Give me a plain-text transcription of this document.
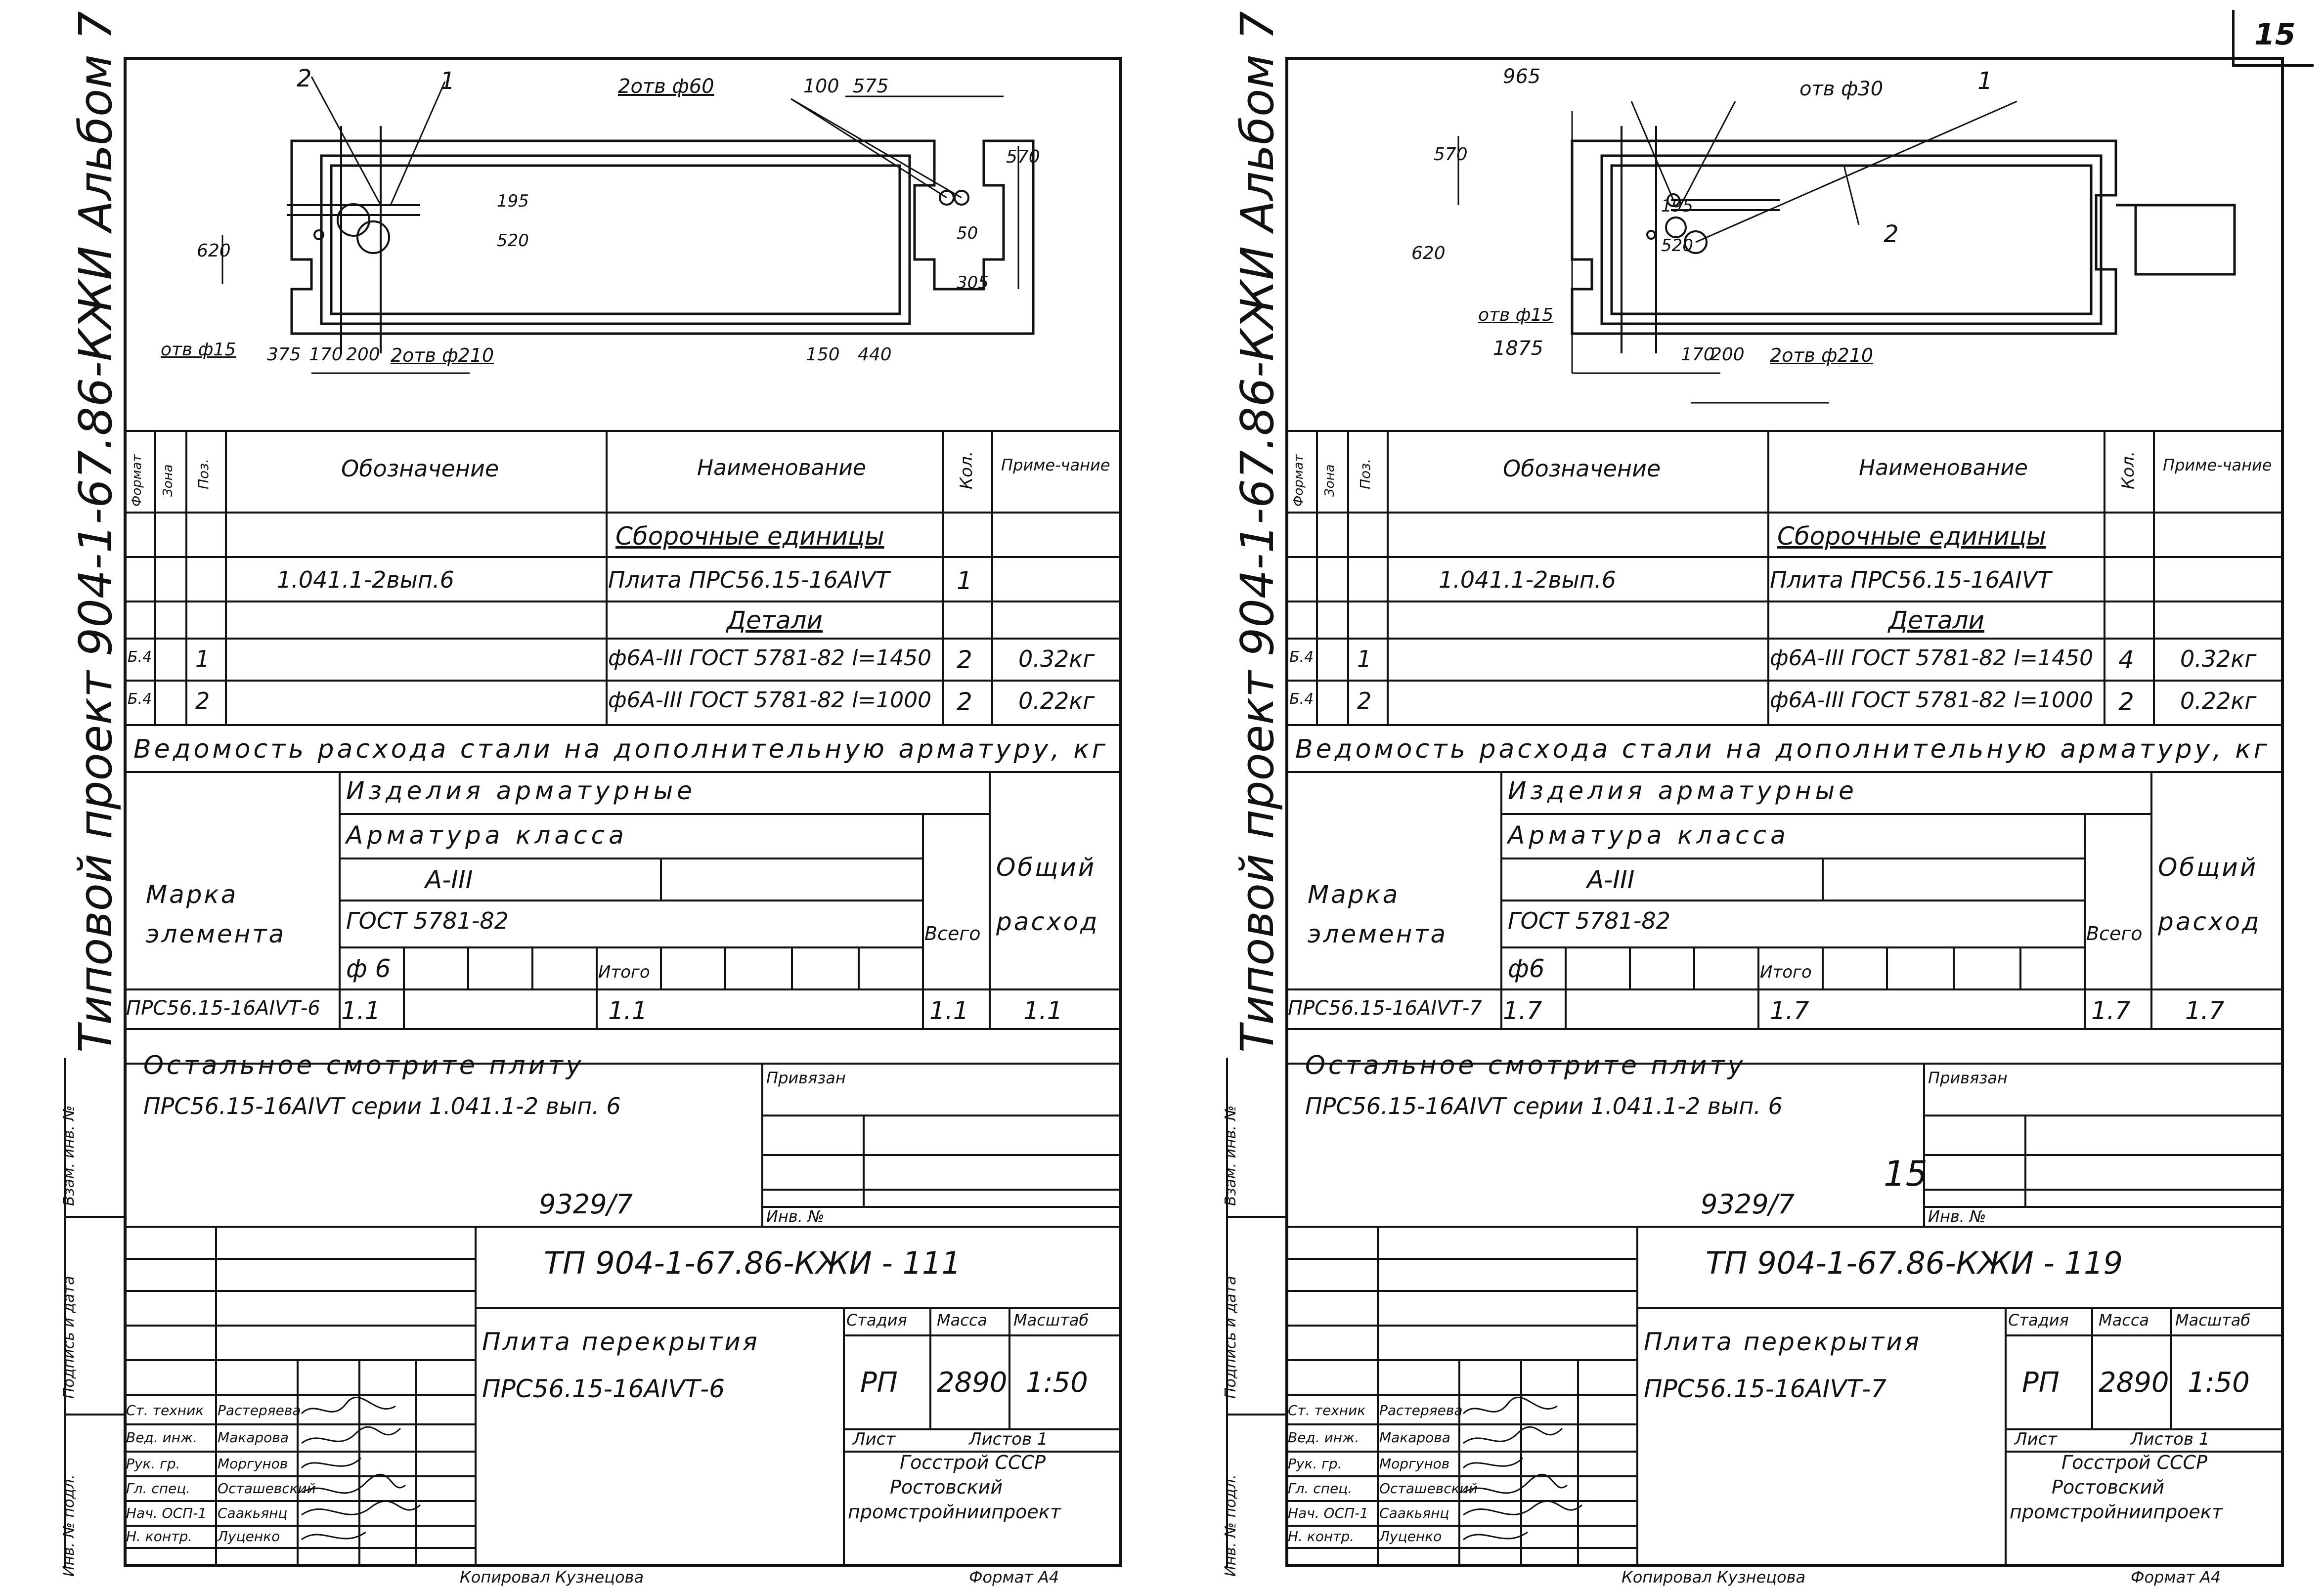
15
Типовой проект 904-1-67.86-КЖИ Альбом 7
Инв. № подл.
Подпись и дата
Взам. инв. №
2	1	2отв ф60	100 575
570
620	520
195
50
305
отв ф15 375 170 200 2отв ф210	150 440
Формат Зона Поз.	Обозначение	Наименование	Кол. Приме-чание
Сборочные единицы
1.041.1-2вып.6	Плита ПРС56.15-16АIVТ	1
Детали
Б.4 1	ф6А-III ГОСТ 5781-82 l=1450 2 0.32кг
Б.4 2	ф6А-III ГОСТ 5781-82 l=1000 2 0.22кг
Ведомость расхода стали на дополнительную арматуру, кг
Марка элемента
Изделия арматурные
Арматура класса
А-III
ГОСТ 5781-82
ф 6	Итого
Всего
Общий расход
ПРС56.15-16АIVТ-6 1.1	1.1	1.1 1.1
Остальное смотрите плиту
ПРС56.15-16АIVТ серии 1.041.1-2 вып. 6
9329/7
Привязан
Инв. №
ТП 904-1-67.86-КЖИ - 111
Стадия Масса Масштаб
РП 2890 1:50
Лист	Листов 1
Госстрой СССР
Ростовский
промстройниипроект
Плита перекрытия
ПРС56.15-16АIVТ-6
Ст. техник Растеряева
Вед. инж. Макарова
Рук. гр.	Моргунов
Гл. спец. Осташевский
Нач. ОСП-1 Саакьянц
Н. контр. Луценко
Копировал Кузнецова	Формат А4
Типовой проект 904-1-67.86-КЖИ Альбом 7
Инв. № подл.
Подпись и дата
Взам. инв. №
1
2
570
620	520
195
отв ф15
170
200 2отв ф210
Формат Зона Поз.	Обозначение	Наименование	Кол. Приме-чание
Сборочные единицы
1.041.1-2вып.6	Плита ПРС56.15-16АIVТ
Детали
Б.4 1	ф6А-III ГОСТ 5781-82 l=1450 4 0.32кг
Б.4 2	ф6А-III ГОСТ 5781-82 l=1000 2 0.22кг
Ведомость расхода стали на дополнительную арматуру, кг
Марка элемента
Изделия арматурные
Арматура класса
А-III
ГОСТ 5781-82
ф6	Итого
Всего
Общий расход
ПРС56.15-16АIVТ-7 1.7	1.7	1.7 1.7
Остальное смотрите плиту
ПРС56.15-16АIVТ серии 1.041.1-2 вып. 6
15
9329/7
Привязан
Инв. №
ТП 904-1-67.86-КЖИ - 119
Стадия Масса Масштаб
РП 2890 1:50
Лист	Листов 1
Госстрой СССР
Ростовский
промстройниипроект
Плита перекрытия
ПРС56.15-16АIVТ-7
Ст. техник Растеряева
Вед. инж. Макарова
Рук. гр.	Моргунов
Гл. спец. Осташевский
Нач. ОСП-1 Саакьянц
Н. контр. Луценко
Копировал Кузнецова	Формат А4
965
отв ф30
1875
